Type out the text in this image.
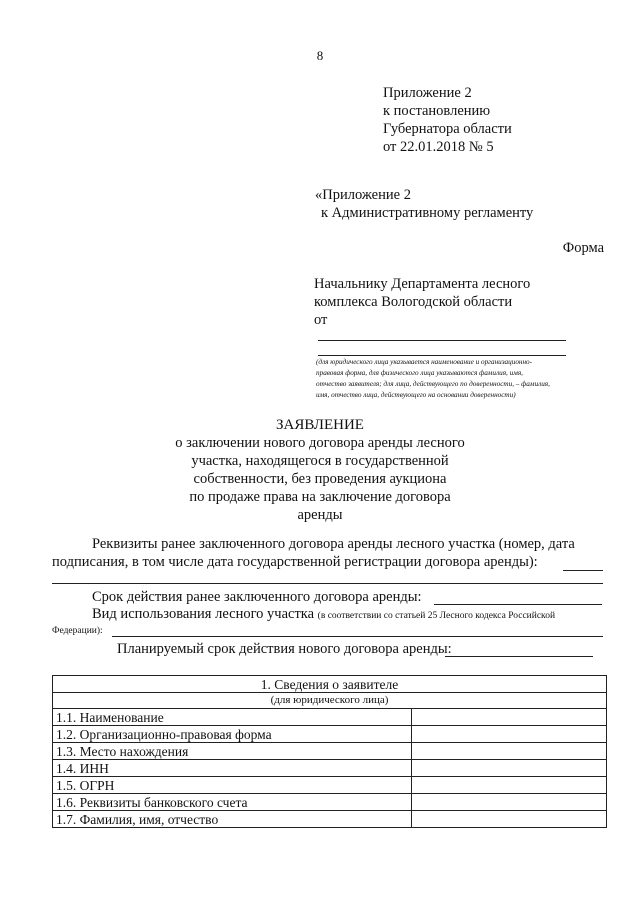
8
Приложение 2
к постановлению
Губернатора области
от 22.01.2018 № 5
«Приложение 2
к Административному регламенту
Форма
Начальнику Департамента лесного
комплекса Вологодской области
от
(для юридического лица указывается наименование и организационно-
правовая форма, для физического лица указываются фамилия, имя,
отчество заявителя; для лица, действующего по доверенности, – фамилия,
имя, отчество лица, действующего на основании доверенности)
ЗАЯВЛЕНИЕ
о заключении нового договора аренды лесного
участка, находящегося в государственной
собственности, без проведения аукциона
по продаже права на заключение договора
аренды
Реквизиты ранее заключенного договора аренды лесного участка (номер, дата
подписания, в том числе дата государственной регистрации договора аренды):
Срок действия ранее заключенного договора аренды:
Вид использования лесного участка (в соответствии со статьей 25 Лесного кодекса Российской
Федерации):
Планируемый срок действия нового договора аренды:
1. Сведения о заявителе	
(для юридического лица)	
1.1. Наименование	
1.2. Организационно-правовая форма	
1.3. Место нахождения	
1.4. ИНН	
1.5. ОГРН	
1.6. Реквизиты банковского счета	
1.7. Фамилия, имя, отчество	
